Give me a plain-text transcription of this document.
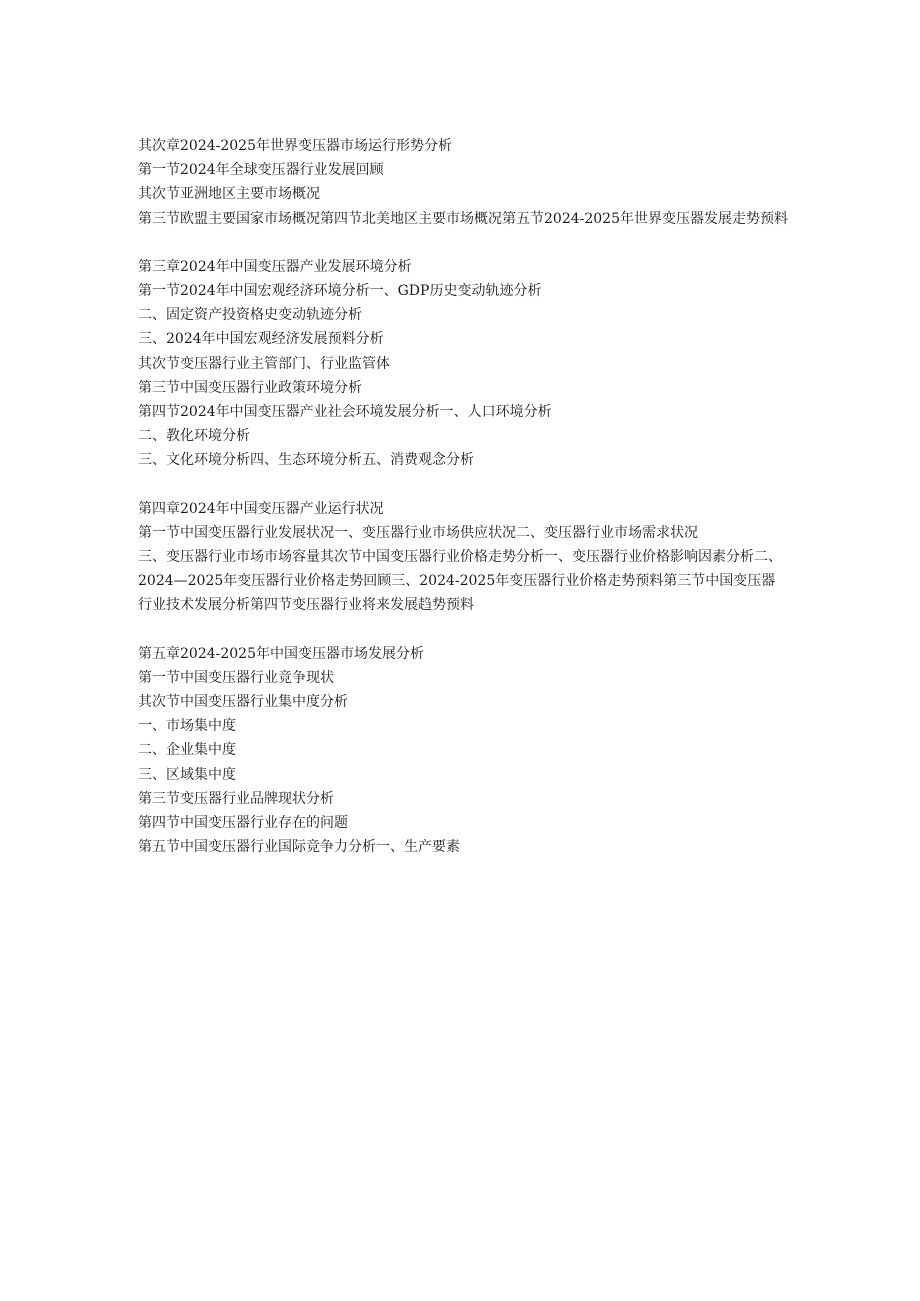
其次章2024-2025年世界变压器市场运行形势分析

第一节2024年全球变压器行业发展回顾

其次节亚洲地区主要市场概况

第三节欧盟主要国家市场概况第四节北美地区主要市场概况第五节2024-2025年世界变压器发展走势预料

第三章2024年中国变压器产业发展环境分析

第一节2024年中国宏观经济环境分析一、GDP历史变动轨迹分析

二、固定资产投资格史变动轨迹分析

三、2024年中国宏观经济发展预料分析

其次节变压器行业主管部门、行业监管体

第三节中国变压器行业政策环境分析

第四节2024年中国变压器产业社会环境发展分析一、人口环境分析

二、教化环境分析

三、文化环境分析四、生态环境分析五、消费观念分析

第四章2024年中国变压器产业运行状况

第一节中国变压器行业发展状况一、变压器行业市场供应状况二、变压器行业市场需求状况

三、变压器行业市场市场容量其次节中国变压器行业价格走势分析一、变压器行业价格影响因素分析二、2024—2025年变压器行业价格走势回顾三、2024-2025年变压器行业价格走势预料第三节中国变压器行业技术发展分析第四节变压器行业将来发展趋势预料

第五章2024-2025年中国变压器市场发展分析

第一节中国变压器行业竞争现状

其次节中国变压器行业集中度分析

一、市场集中度

二、企业集中度

三、区域集中度

第三节变压器行业品牌现状分析

第四节中国变压器行业存在的问题

第五节中国变压器行业国际竞争力分析一、生产要素
